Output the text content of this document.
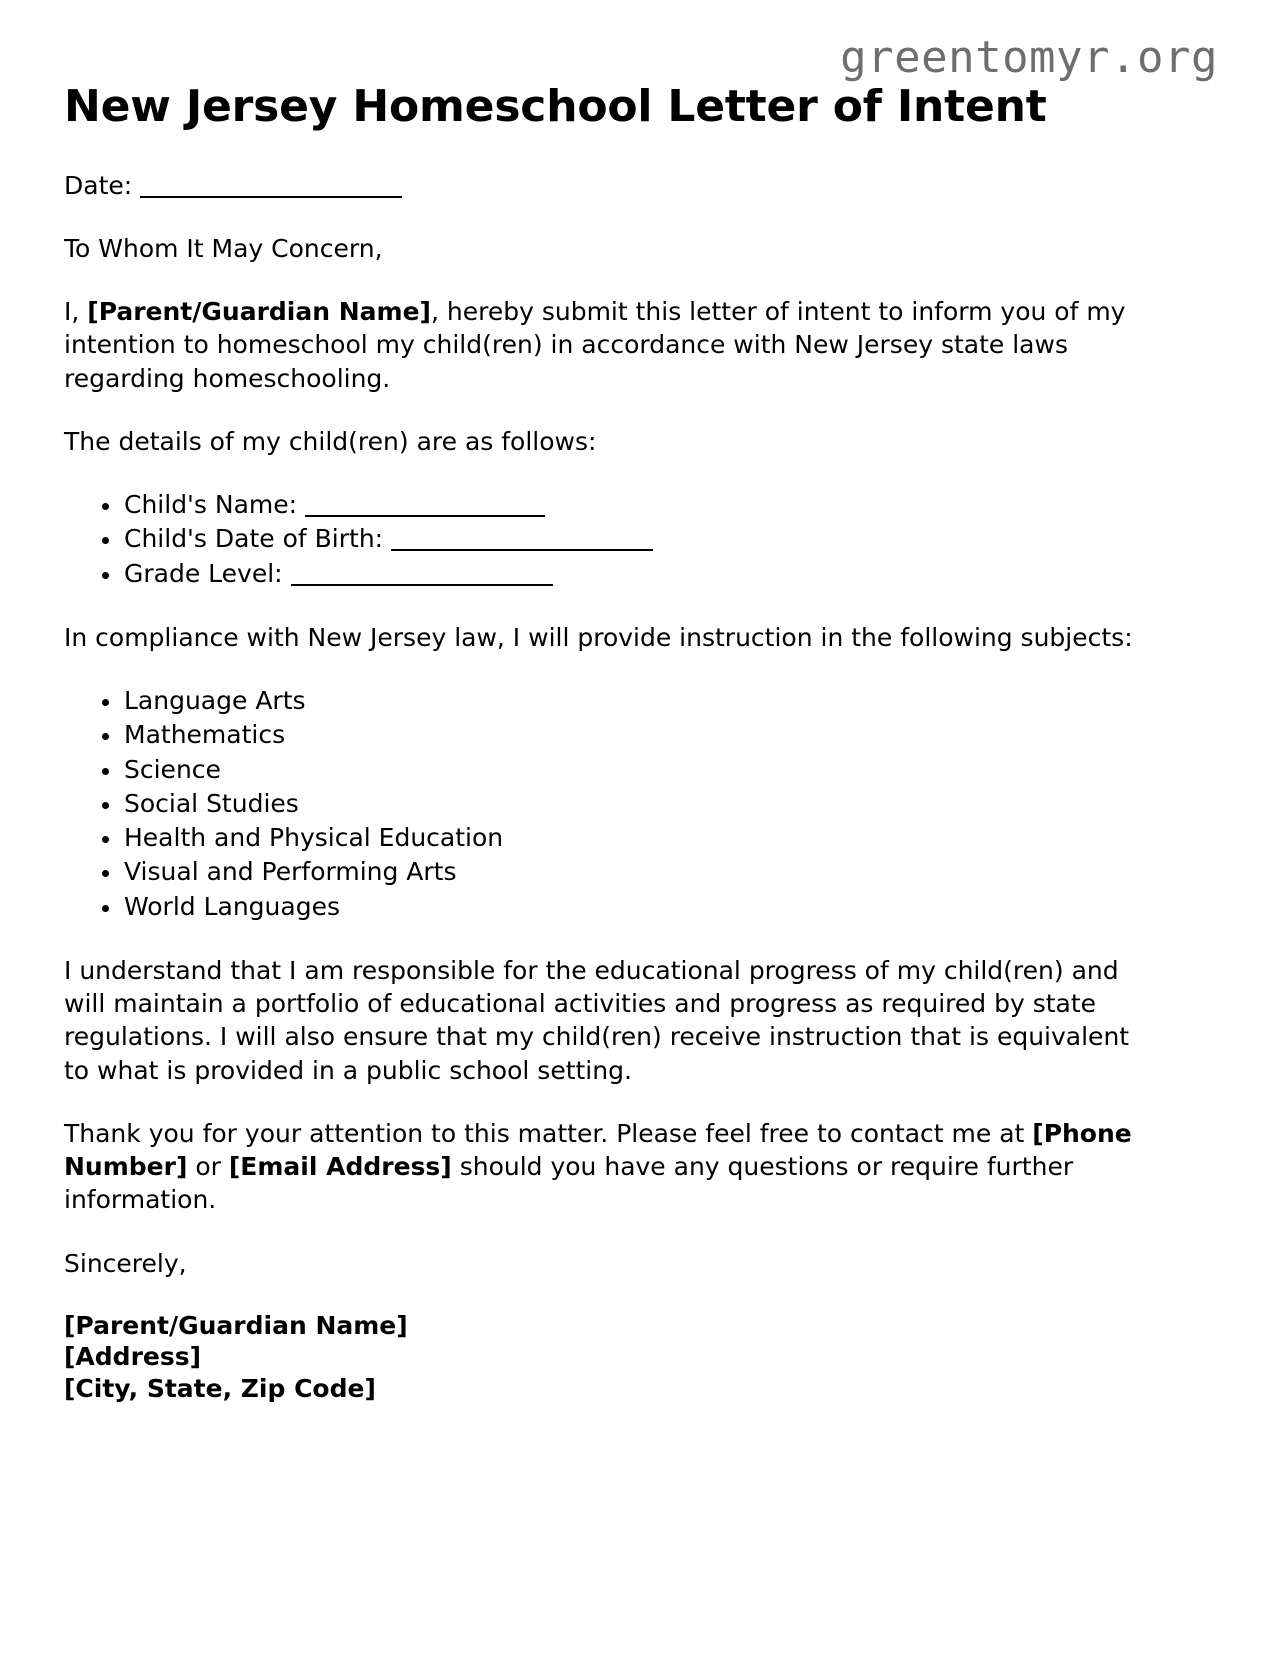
greentomyr.org
New Jersey Homeschool Letter of Intent

Date:

To Whom It May Concern,

I, [Parent/Guardian Name], hereby submit this letter of intent to inform you of my intention to homeschool my child(ren) in accordance with New Jersey state laws regarding homeschooling.

The details of my child(ren) are as follows:

Child's Name:
Child's Date of Birth:
Grade Level:

In compliance with New Jersey law, I will provide instruction in the following subjects:

Language Arts
Mathematics
Science
Social Studies
Health and Physical Education
Visual and Performing Arts
World Languages

I understand that I am responsible for the educational progress of my child(ren) and will maintain a portfolio of educational activities and progress as required by state regulations. I will also ensure that my child(ren) receive instruction that is equivalent to what is provided in a public school setting.

Thank you for your attention to this matter. Please feel free to contact me at [Phone Number] or [Email Address] should you have any questions or require further information.

Sincerely,

[Parent/Guardian Name]
[Address]
[City, State, Zip Code]
